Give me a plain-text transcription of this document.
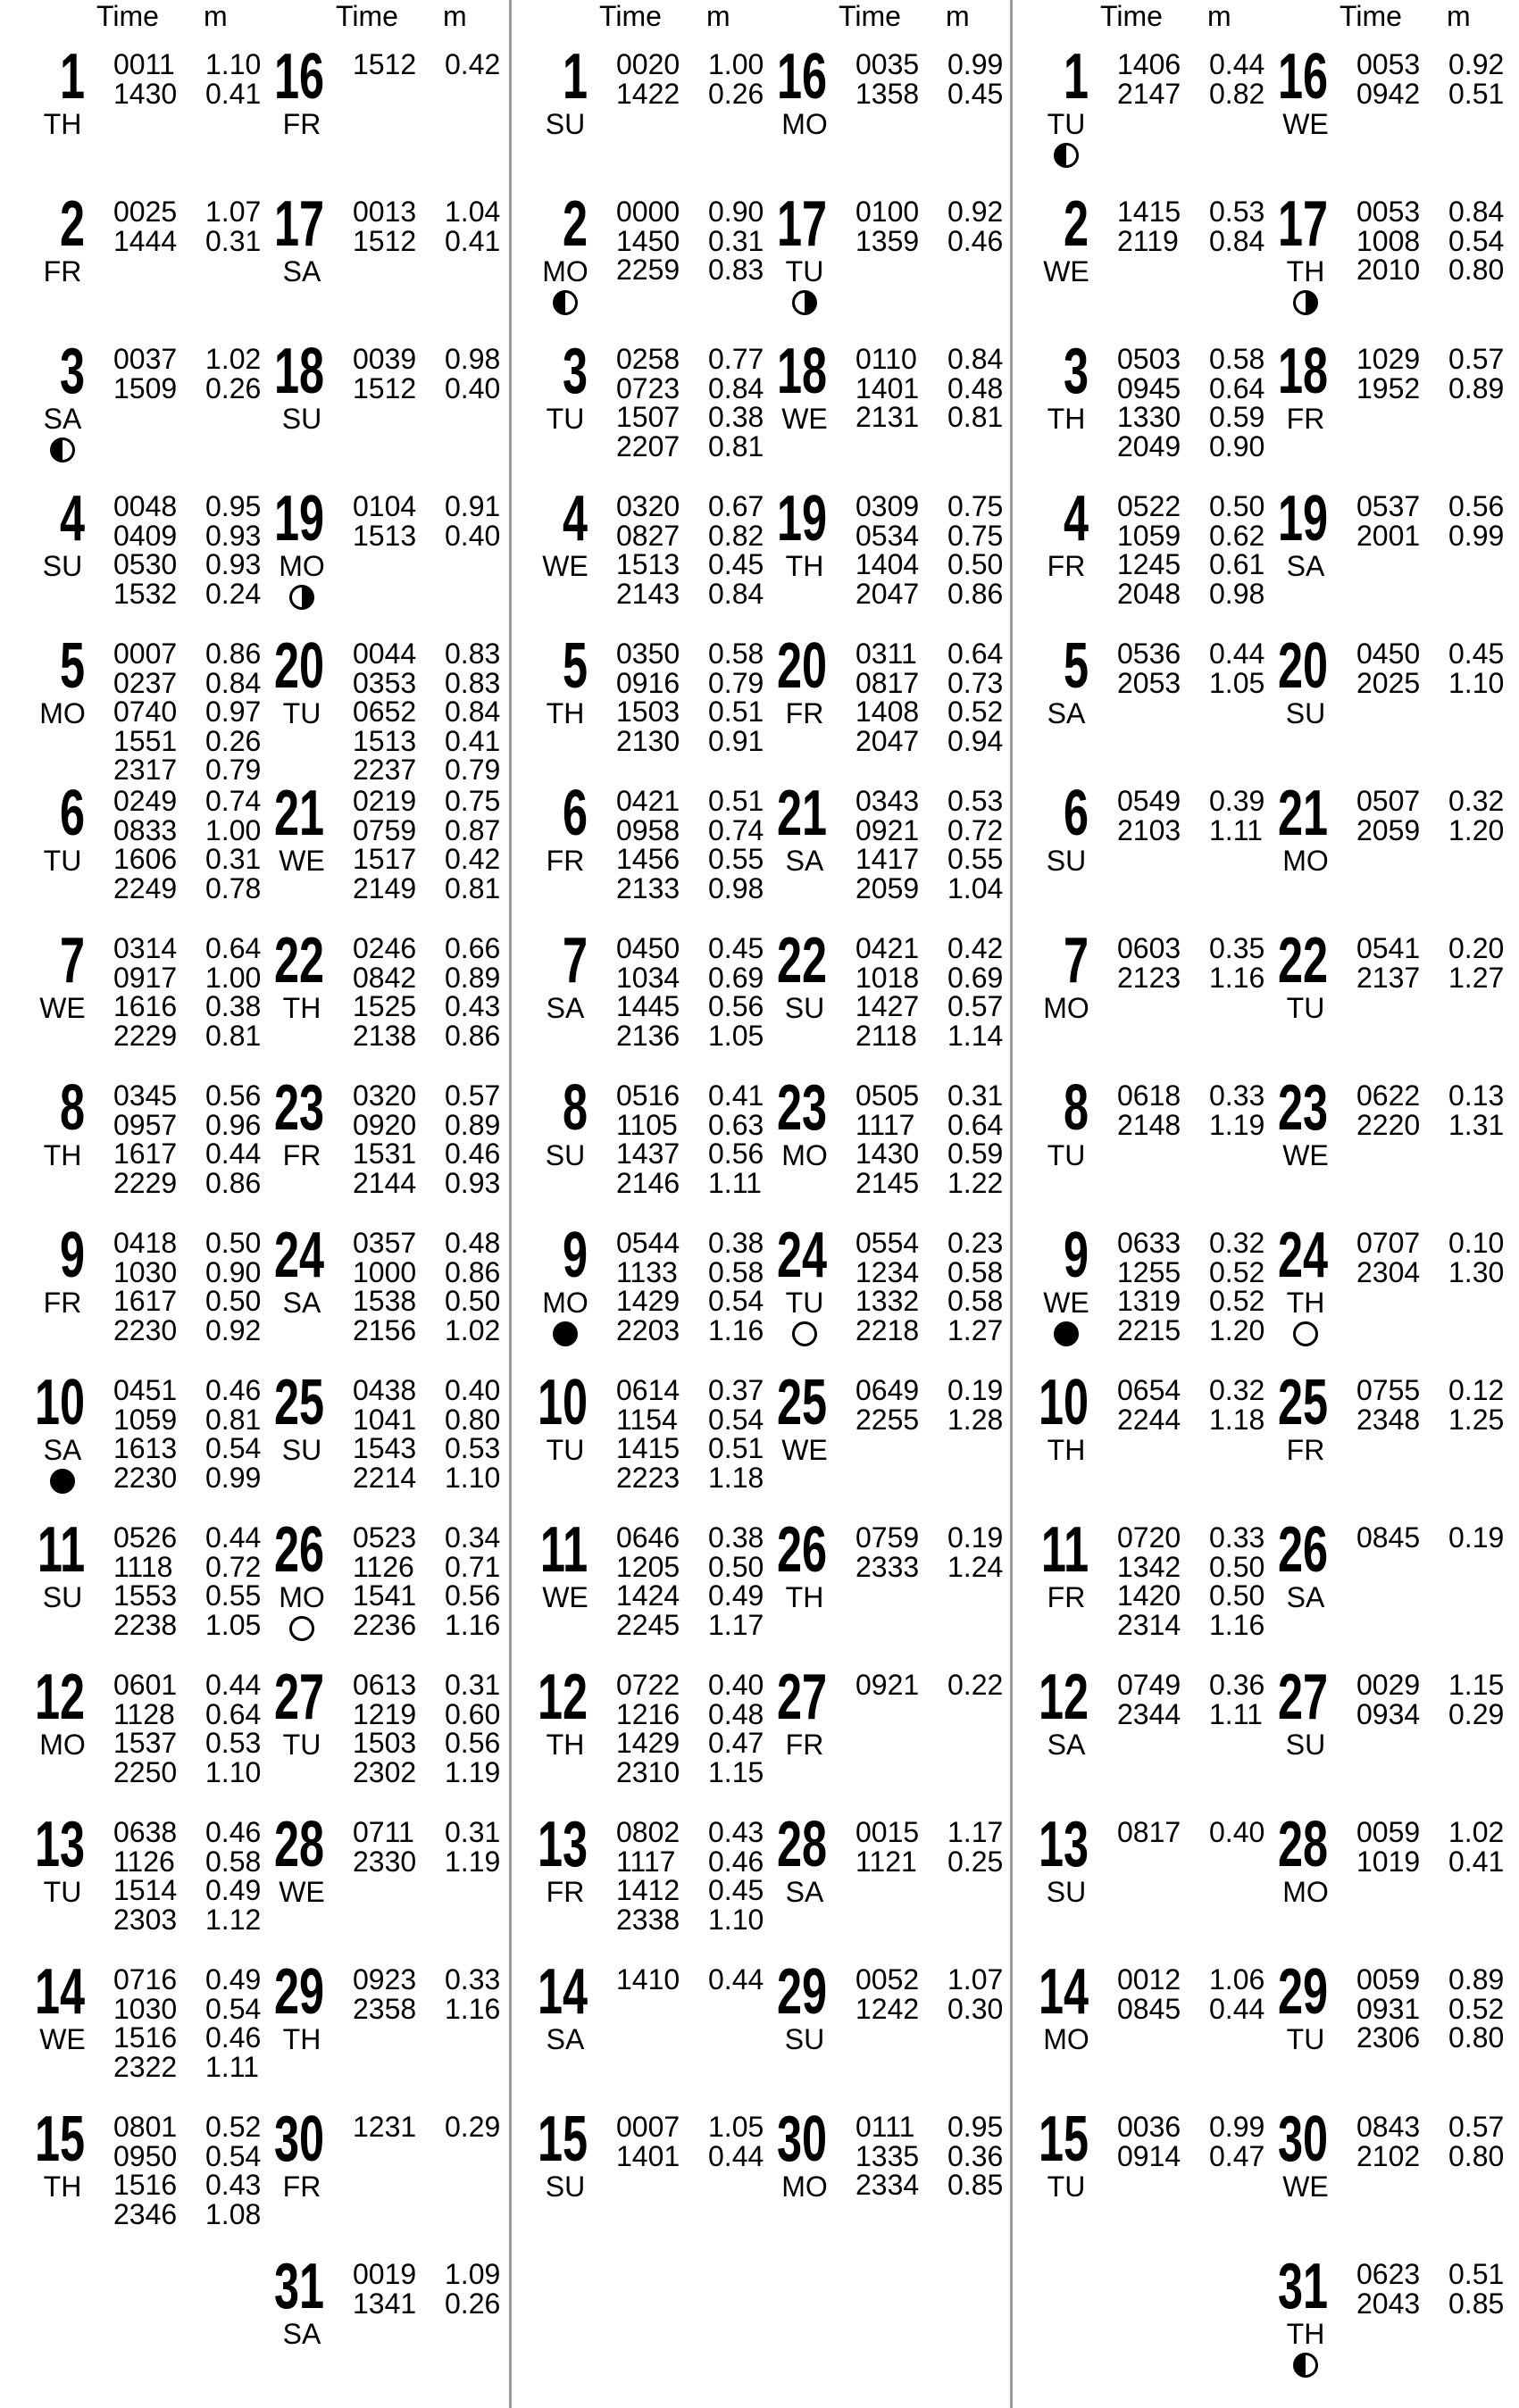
Time m	Time m	Time m	Time m	Time m	Time m
1
TH
0011 1.10
1430 0.41
2
FR
0025 1.07
1444 0.31
3
SA
0037 1.02
1509 0.26
4
SU
0048 0.95
0409 0.93
0530 0.93
1532 0.24
5
MO
0007 0.86
0237 0.84
0740 0.97
1551 0.26
2317 0.79
6
TU
0249 0.74
0833 1.00
1606 0.31
2249 0.78
7
WE
0314 0.64
0917 1.00
1616 0.38
2229 0.81
8
TH
0345 0.56
0957 0.96
1617 0.44
2229 0.86
9
FR
0418 0.50
1030 0.90
1617 0.50
2230 0.92
10
SA
0451 0.46
1059 0.81
1613 0.54
2230 0.99
11
SU
0526 0.44
1118 0.72
1553 0.55
2238 1.05
12
MO
0601 0.44
1128 0.64
1537 0.53
2250 1.10
13
TU
0638 0.46
1126 0.58
1514 0.49
2303 1.12
14
WE
0716 0.49
1030 0.54
1516 0.46
2322 1.11
15
TH
0801 0.52
0950 0.54
1516 0.43
2346 1.08
16
FR
1512 0.42
17
SA
0013 1.04
1512 0.41
18
SU
0039 0.98
1512 0.40
19
MO
0104 0.91
1513 0.40
20
TU
0044 0.83
0353 0.83
0652 0.84
1513 0.41
2237 0.79
21
WE
0219 0.75
0759 0.87
1517 0.42
2149 0.81
22
TH
0246 0.66
0842 0.89
1525 0.43
2138 0.86
23
FR
0320 0.57
0920 0.89
1531 0.46
2144 0.93
24
SA
0357 0.48
1000 0.86
1538 0.50
2156 1.02
25
SU
0438 0.40
1041 0.80
1543 0.53
2214 1.10
26
MO
0523 0.34
1126 0.71
1541 0.56
2236 1.16
27
TU
0613 0.31
1219 0.60
1503 0.56
2302 1.19
28
WE
0711 0.31
2330 1.19
29
TH
0923 0.33
2358 1.16
30
FR
1231 0.29
31
SA
0019 1.09
1341 0.26
1
SU
0020 1.00
1422 0.26
2
MO
0000 0.90
1450 0.31
2259 0.83
3
TU
0258 0.77
0723 0.84
1507 0.38
2207 0.81
4
WE
0320 0.67
0827 0.82
1513 0.45
2143 0.84
5
TH
0350 0.58
0916 0.79
1503 0.51
2130 0.91
6
FR
0421 0.51
0958 0.74
1456 0.55
2133 0.98
7
SA
0450 0.45
1034 0.69
1445 0.56
2136 1.05
8
SU
0516 0.41
1105 0.63
1437 0.56
2146 1.11
9
MO
0544 0.38
1133 0.58
1429 0.54
2203 1.16
10
TU
0614 0.37
1154 0.54
1415 0.51
2223 1.18
11
WE
0646 0.38
1205 0.50
1424 0.49
2245 1.17
12
TH
0722 0.40
1216 0.48
1429 0.47
2310 1.15
13
FR
0802 0.43
1117 0.46
1412 0.45
2338 1.10
14
SA
1410 0.44
15
SU
0007 1.05
1401 0.44
16
MO
0035 0.99
1358 0.45
17
TU
0100 0.92
1359 0.46
18
WE
0110 0.84
1401 0.48
2131 0.81
19
TH
0309 0.75
0534 0.75
1404 0.50
2047 0.86
20
FR
0311 0.64
0817 0.73
1408 0.52
2047 0.94
21
SA
0343 0.53
0921 0.72
1417 0.55
2059 1.04
22
SU
0421 0.42
1018 0.69
1427 0.57
2118 1.14
23
MO
0505 0.31
1117 0.64
1430 0.59
2145 1.22
24
TU
0554 0.23
1234 0.58
1332 0.58
2218 1.27
25
WE
0649 0.19
2255 1.28
26
TH
0759 0.19
2333 1.24
27
FR
0921 0.22
28
SA
0015 1.17
1121 0.25
29
SU
0052 1.07
1242 0.30
30
MO
0111 0.95
1335 0.36
2334 0.85
1
TU
1406 0.44
2147 0.82
2
WE
1415 0.53
2119 0.84
3
TH
0503 0.58
0945 0.64
1330 0.59
2049 0.90
4
FR
0522 0.50
1059 0.62
1245 0.61
2048 0.98
5
SA
0536 0.44
2053 1.05
6
SU
0549 0.39
2103 1.11
7
MO
0603 0.35
2123 1.16
8
TU
0618 0.33
2148 1.19
9
WE
0633 0.32
1255 0.52
1319 0.52
2215 1.20
10
TH
0654 0.32
2244 1.18
11
FR
0720 0.33
1342 0.50
1420 0.50
2314 1.16
12
SA
0749 0.36
2344 1.11
13
SU
0817 0.40
14
MO
0012 1.06
0845 0.44
15
TU
0036 0.99
0914 0.47
16
WE
0053 0.92
0942 0.51
17
TH
0053 0.84
1008 0.54
2010 0.80
18
FR
1029 0.57
1952 0.89
19
SA
0537 0.56
2001 0.99
20
SU
0450 0.45
2025 1.10
21
MO
0507 0.32
2059 1.20
22
TU
0541 0.20
2137 1.27
23
WE
0622 0.13
2220 1.31
24
TH
0707 0.10
2304 1.30
25
FR
0755 0.12
2348 1.25
26
SA
0845 0.19
27
SU
0029 1.15
0934 0.29
28
MO
0059 1.02
1019 0.41
29
TU
0059 0.89
0931 0.52
2306 0.80
30
WE
0843 0.57
2102 0.80
31
TH
0623 0.51
2043 0.85
